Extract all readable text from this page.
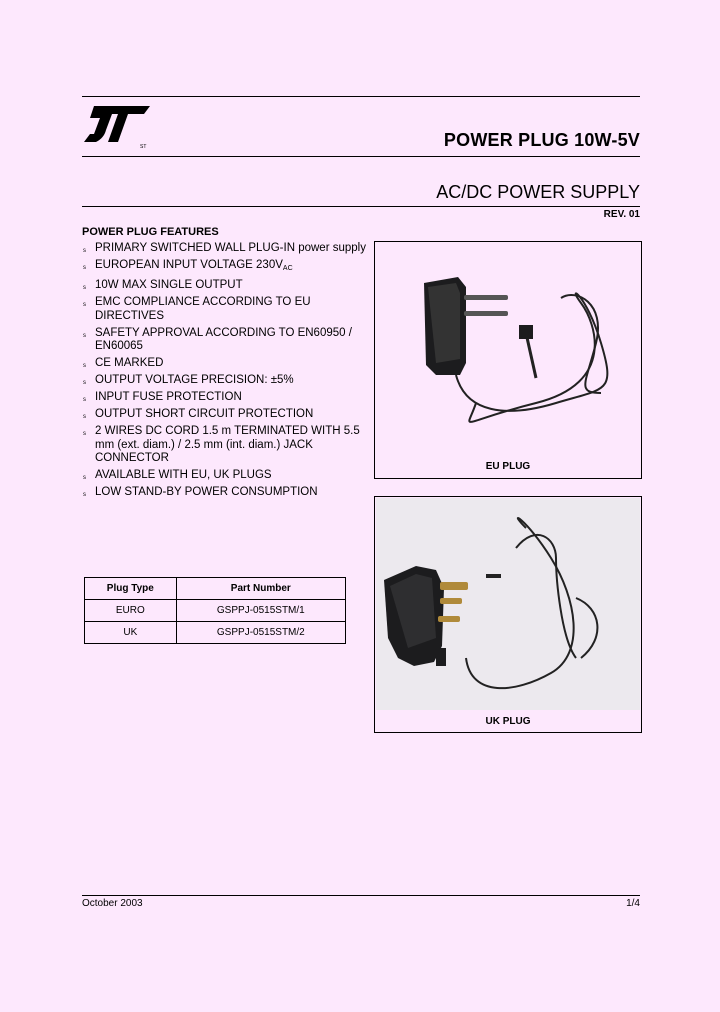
ST	POWER PLUG 10W-5V
AC/DC POWER SUPPLY
REV. 01
POWER PLUG FEATURES
s PRIMARY SWITCHED WALL PLUG-IN power supply
s EUROPEAN INPUT VOLTAGE $230V_{AC}$
s 10W MAX SINGLE OUTPUT
s EMC COMPLIANCE ACCORDING TO EU DIRECTIVES
s SAFETY APPROVAL ACCORDING TO EN60950 / EN60065
s CE MARKED
s OUTPUT VOLTAGE PRECISION: ±5%
s INPUT FUSE PROTECTION
s OUTPUT SHORT CIRCUIT PROTECTION
s 2 WIRES DC CORD 1.5 m TERMINATED WITH 5.5 mm (ext. diam.) / 2.5 mm (int. diam.) JACK CONNECTOR
s AVAILABLE WITH EU, UK PLUGS
s LOW STAND-BY POWER CONSUMPTION
Plug Type	Part Number
EURO	GSPPJ-0515STM/1
UK	GSPPJ-0515STM/2
EU PLUG
UK PLUG
October 2003	1/4
